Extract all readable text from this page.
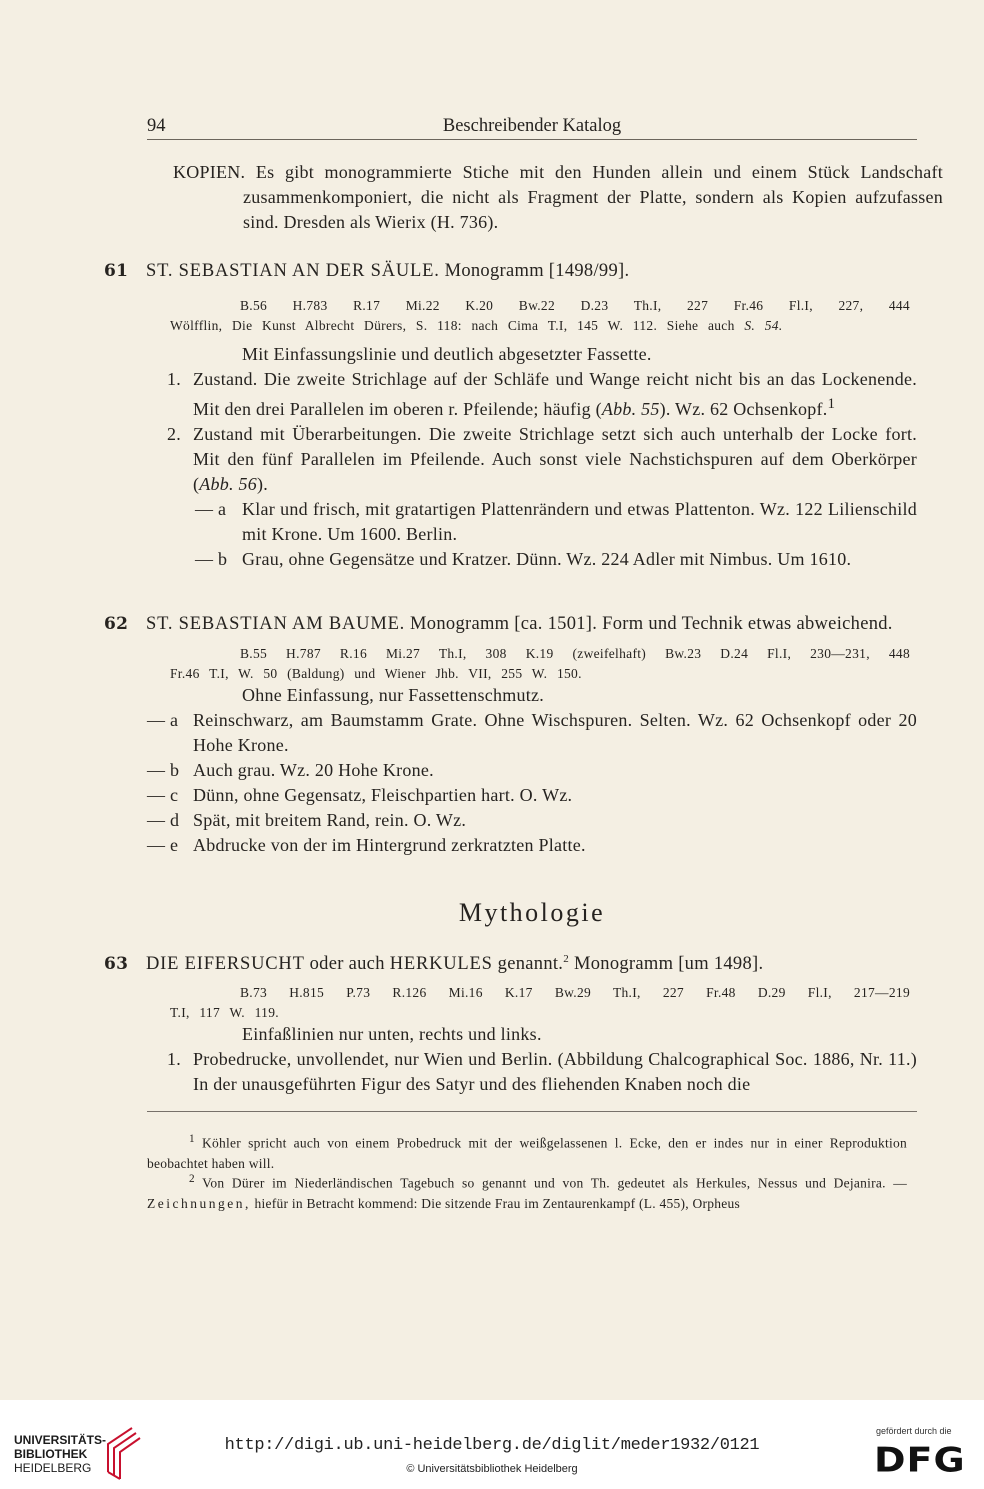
94	Beschreibender Katalog
KOPIEN. Es gibt monogrammierte Stiche mit den Hunden allein und einem Stück Landschaft zusammenkomponiert, die nicht als Fragment der Platte, sondern als Kopien aufzufassen sind. Dresden als Wierix (H. 736).
61 ST. SEBASTIAN AN DER SÄULE. Monogramm [1498/99].
B.56 H.783 R.17 Mi.22 K.20 Bw.22 D.23 Th.I, 227 Fr.46 Fl.I, 227, 444
Wölfflin, Die Kunst Albrecht Dürers, S. 118: nach Cima T.I, 145 W. 112. Siehe auch S. 54.
Mit Einfassungslinie und deutlich abgesetzter Fassette.
1. Zustand. Die zweite Strichlage auf der Schläfe und Wange reicht nicht bis an das Lockenende. Mit den drei Parallelen im oberen r. Pfeilende; häufig (Abb. 55). Wz. 62 Ochsenkopf.$^1$
2. Zustand mit Überarbeitungen. Die zweite Strichlage setzt sich auch unterhalb der Locke fort. Mit den fünf Parallelen im Pfeilende. Auch sonst viele Nachstichspuren auf dem Oberkörper (Abb. 56).
— a Klar und frisch, mit gratartigen Plattenrändern und etwas Plattenton. Wz. 122 Lilienschild mit Krone. Um 1600. Berlin.
— b Grau, ohne Gegensätze und Kratzer. Dünn. Wz. 224 Adler mit Nimbus. Um 1610.
62 ST. SEBASTIAN AM BAUME. Monogramm [ca. 1501]. Form und Technik etwas abweichend.
B.55 H.787 R.16 Mi.27 Th.I, 308 K.19 (zweifelhaft) Bw.23 D.24 Fl.I, 230—231, 448
Fr.46 T.I, W. 50 (Baldung) und Wiener Jhb. VII, 255 W. 150.
Ohne Einfassung, nur Fassettenschmutz.
— a Reinschwarz, am Baumstamm Grate. Ohne Wischspuren. Selten. Wz. 62 Ochsenkopf oder 20 Hohe Krone.
— b Auch grau. Wz. 20 Hohe Krone.
— c Dünn, ohne Gegensatz, Fleischpartien hart. O. Wz.
— d Spät, mit breitem Rand, rein. O. Wz.
— e Abdrucke von der im Hintergrund zerkratzten Platte.
Mythologie
63 DIE EIFERSUCHT oder auch HERKULES genannt.$^2$ Monogramm [um 1498].
B.73 H.815 P.73 R.126 Mi.16 K.17 Bw.29 Th.I, 227 Fr.48 D.29 Fl.I, 217—219
T.I, 117 W. 119.
Einfaßlinien nur unten, rechts und links.
1. Probedrucke, unvollendet, nur Wien und Berlin. (Abbildung Chalcographical Soc. 1886, Nr. 11.) In der unausgeführten Figur des Satyr und des fliehenden Knaben noch die
$^1$ Köhler spricht auch von einem Probedruck mit der weißgelassenen l. Ecke, den er indes nur in einer Reproduktion beobachtet haben will.
$^2$ Von Dürer im Niederländischen Tagebuch so genannt und von Th. gedeutet als Herkules, Nessus und Dejanira. — Zeichnungen, hiefür in Betracht kommend: Die sitzende Frau im Zentaurenkampf (L. 455), Orpheus
UNIVERSITÄTS-
BIBLIOTHEK
HEIDELBERG
http://digi.ub.uni-heidelberg.de/diglit/meder1932/0121
© Universitätsbibliothek Heidelberg
gefördert durch die
DFG
